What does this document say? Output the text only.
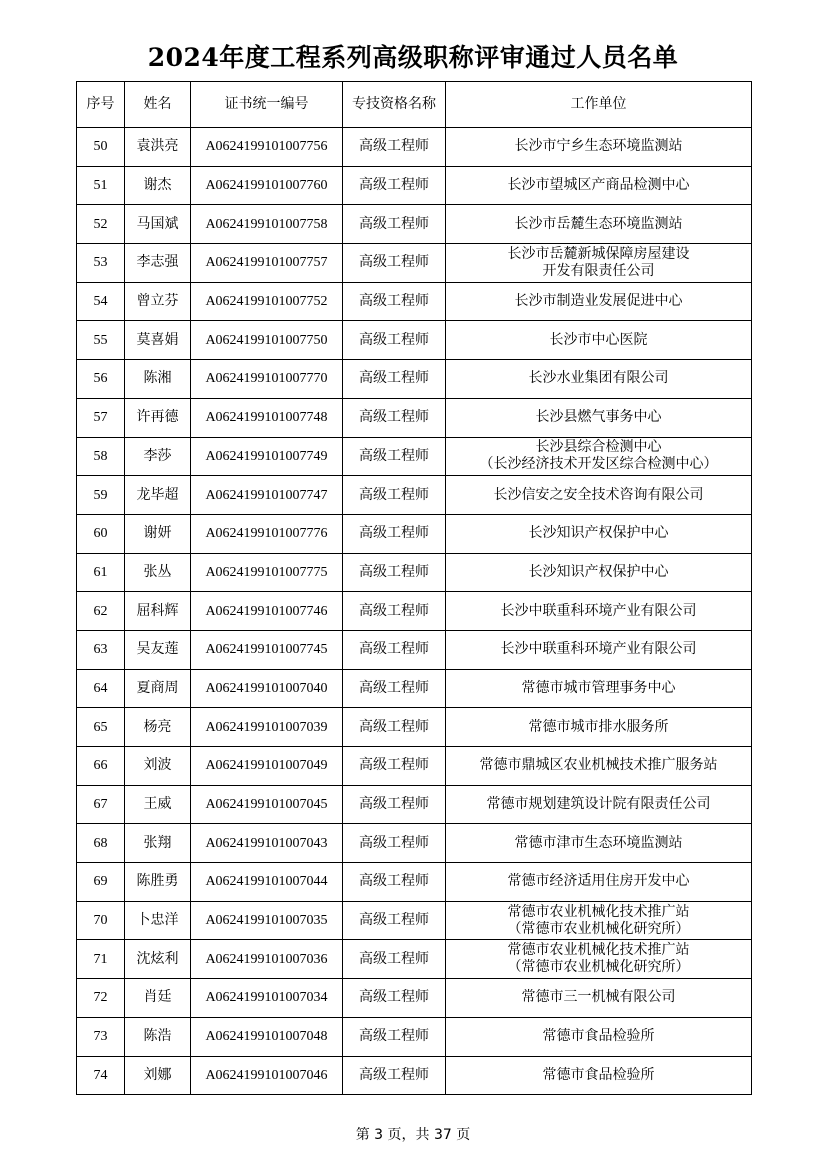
2024年度工程系列高级职称评审通过人员名单
序号	姓名	证书统一编号	专技资格名称	工作单位
50	袁洪亮	A0624199101007756	高级工程师	长沙市宁乡生态环境监测站

51	谢杰	A0624199101007760	高级工程师	长沙市望城区产商品检测中心

52	马国斌	A0624199101007758	高级工程师	长沙市岳麓生态环境监测站

53	李志强	A0624199101007757	高级工程师	长沙市岳麓新城保障房屋建设
开发有限责任公司

54	曾立芬	A0624199101007752	高级工程师	长沙市制造业发展促进中心

55	莫喜娟	A0624199101007750	高级工程师	长沙市中心医院

56	陈湘	A0624199101007770	高级工程师	长沙水业集团有限公司

57	许再德	A0624199101007748	高级工程师	长沙县燃气事务中心

58	李莎	A0624199101007749	高级工程师	长沙县综合检测中心
（长沙经济技术开发区综合检测中心）

59	龙毕超	A0624199101007747	高级工程师	长沙信安之安全技术咨询有限公司

60	谢妍	A0624199101007776	高级工程师	长沙知识产权保护中心

61	张丛	A0624199101007775	高级工程师	长沙知识产权保护中心

62	屈科辉	A0624199101007746	高级工程师	长沙中联重科环境产业有限公司

63	吴友莲	A0624199101007745	高级工程师	长沙中联重科环境产业有限公司

64	夏商周	A0624199101007040	高级工程师	常德市城市管理事务中心

65	杨亮	A0624199101007039	高级工程师	常德市城市排水服务所

66	刘波	A0624199101007049	高级工程师	常德市鼎城区农业机械技术推广服务站

67	王威	A0624199101007045	高级工程师	常德市规划建筑设计院有限责任公司

68	张翔	A0624199101007043	高级工程师	常德市津市生态环境监测站

69	陈胜勇	A0624199101007044	高级工程师	常德市经济适用住房开发中心

70	卜忠洋	A0624199101007035	高级工程师	常德市农业机械化技术推广站
（常德市农业机械化研究所）

71	沈炫利	A0624199101007036	高级工程师	常德市农业机械化技术推广站
（常德市农业机械化研究所）

72	肖廷	A0624199101007034	高级工程师	常德市三一机械有限公司

73	陈浩	A0624199101007048	高级工程师	常德市食品检验所

74	刘娜	A0624199101007046	高级工程师	常德市食品检验所
第 3 页，共 37 页
